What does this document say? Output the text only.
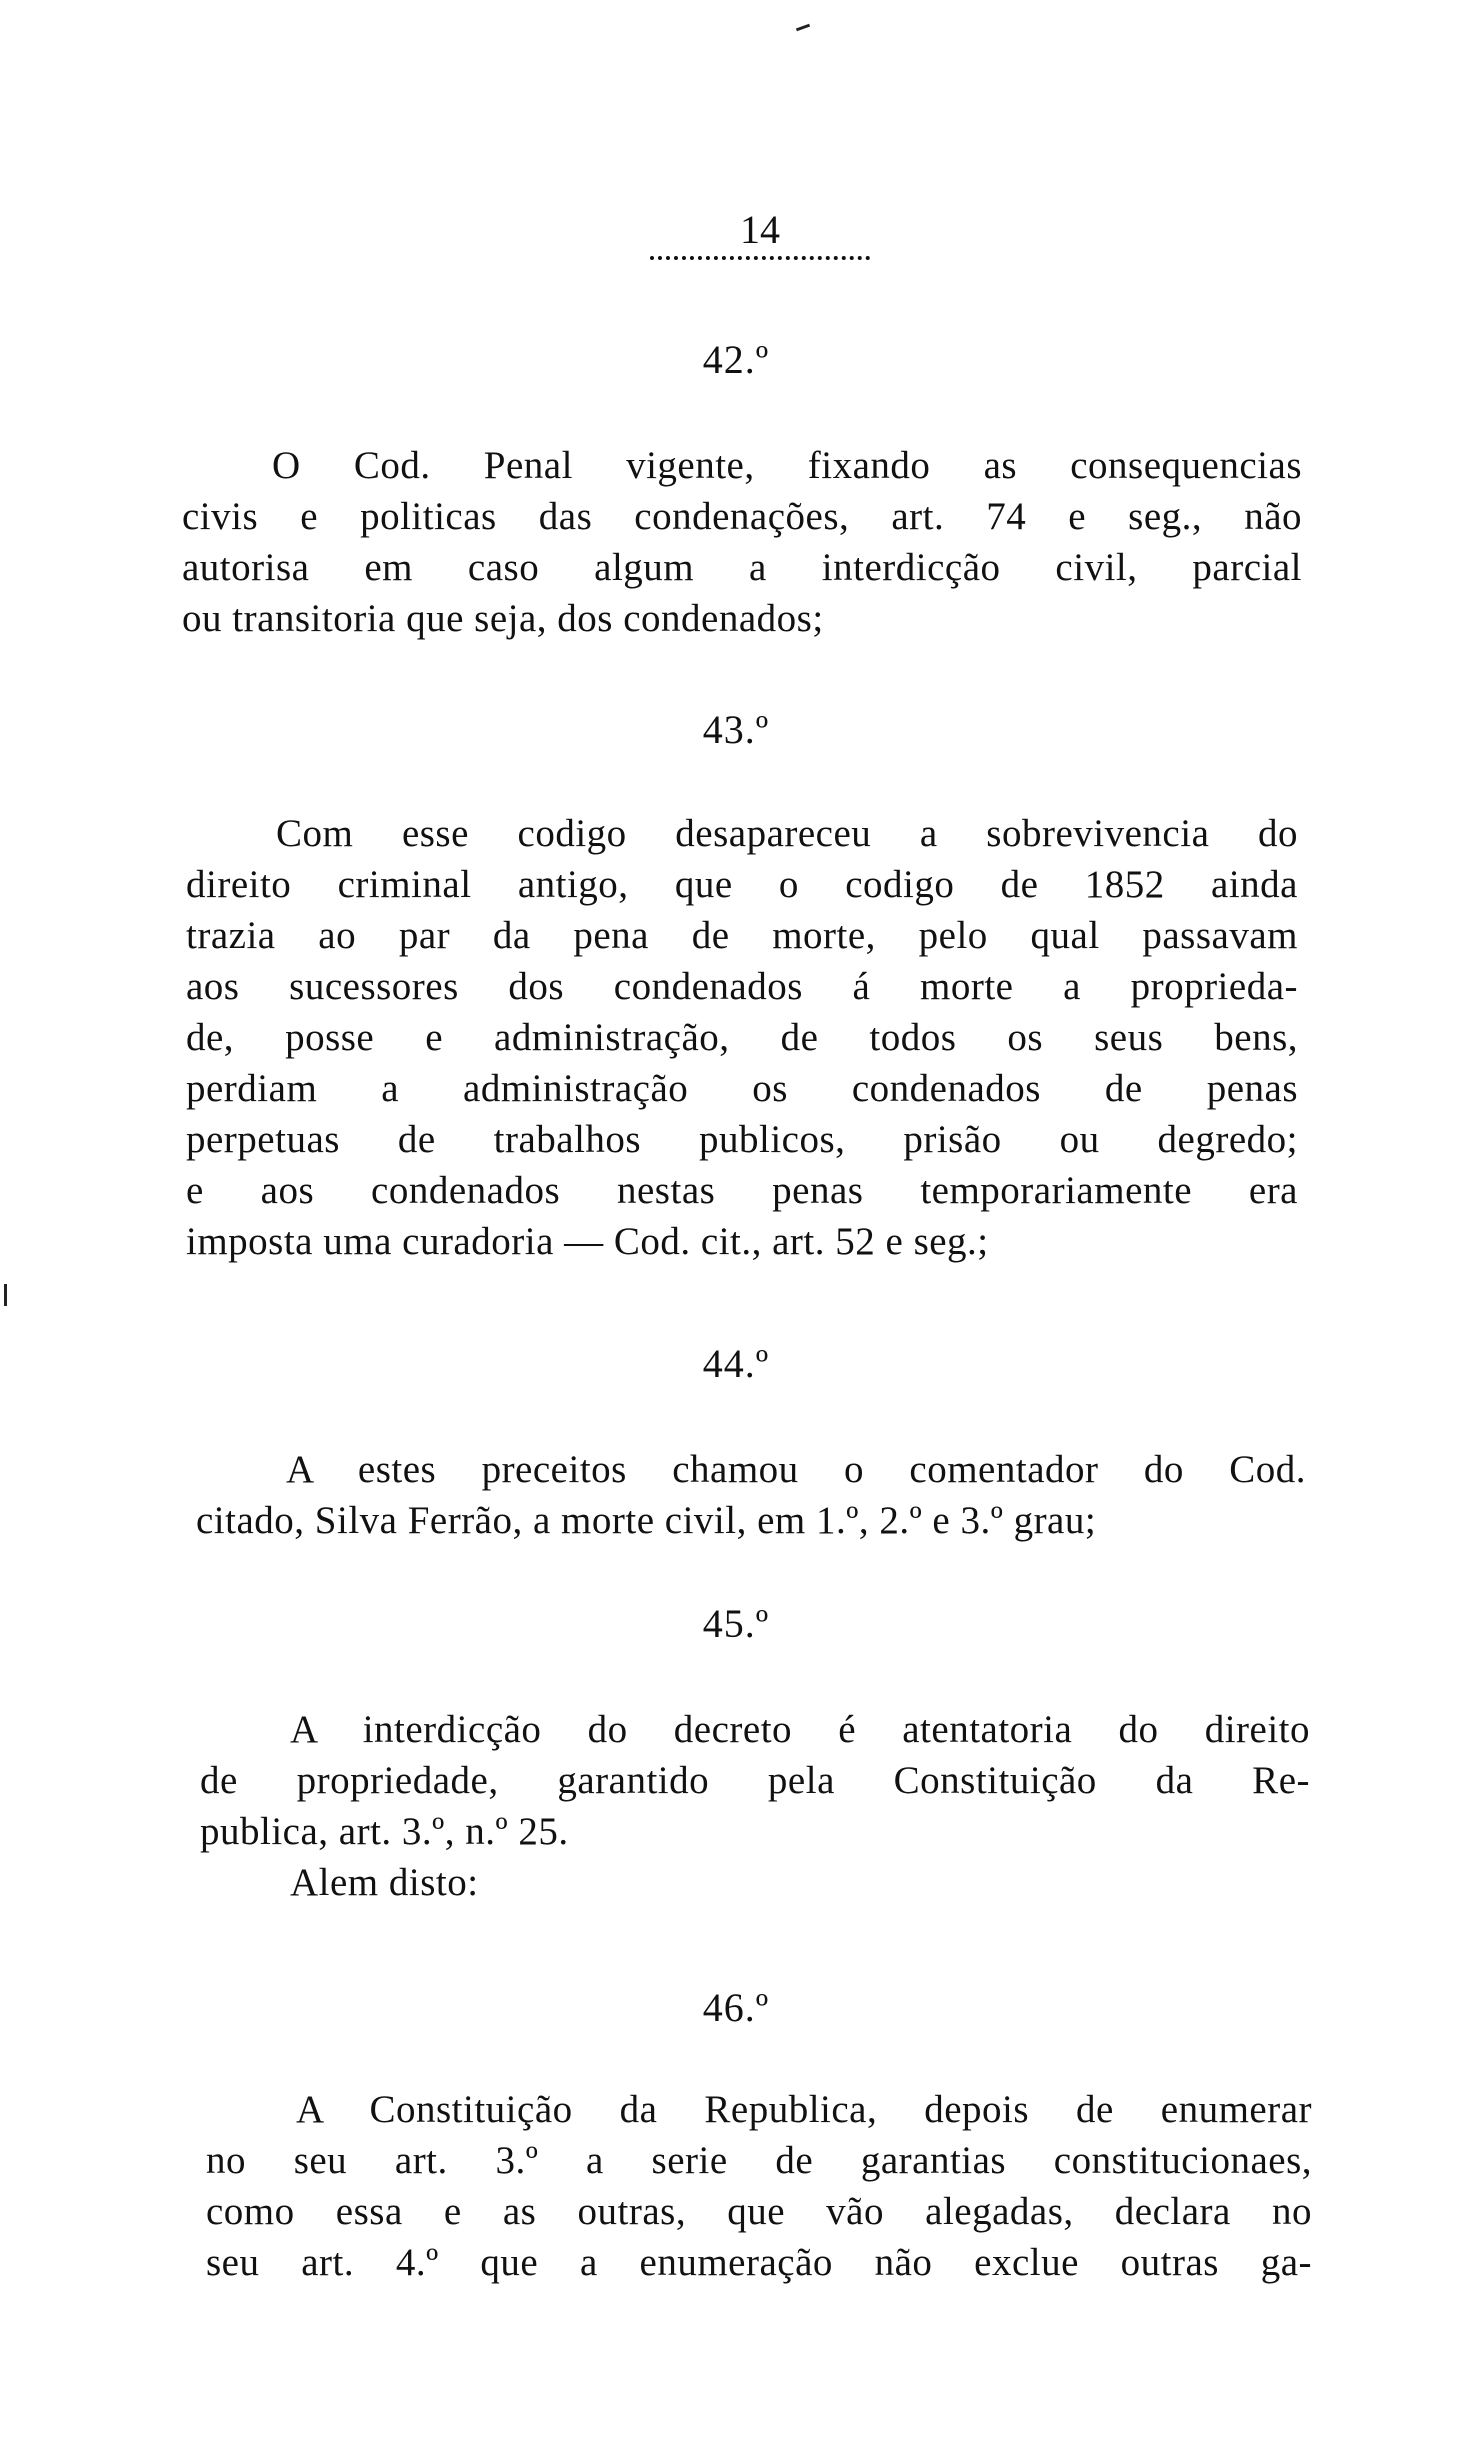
14
42.º
O Cod. Penal vigente, fixando as consequencias
civis e politicas das condenações, art. 74 e seg., não
autorisa em caso algum a interdicção civil, parcial
ou transitoria que seja, dos condenados;
43.º
Com esse codigo desapareceu a sobrevivencia do
direito criminal antigo, que o codigo de 1852 ainda
trazia ao par da pena de morte, pelo qual passavam
aos sucessores dos condenados á morte a proprieda-
de, posse e administração, de todos os seus bens,
perdiam a administração os condenados de penas
perpetuas de trabalhos publicos, prisão ou degredo;
e aos condenados nestas penas temporariamente era
imposta uma curadoria — Cod. cit., art. 52 e seg.;
44.º
A estes preceitos chamou o comentador do Cod.
citado, Silva Ferrão, a morte civil, em 1.º, 2.º e 3.º grau;
45.º
A interdicção do decreto é atentatoria do direito
de propriedade, garantido pela Constituição da Re-
publica, art. 3.º, n.º 25.
Alem disto:
46.º
A Constituição da Republica, depois de enumerar
no seu art. 3.º a serie de garantias constitucionaes,
como essa e as outras, que vão alegadas, declara no
seu art. 4.º que a enumeração não exclue outras ga-
